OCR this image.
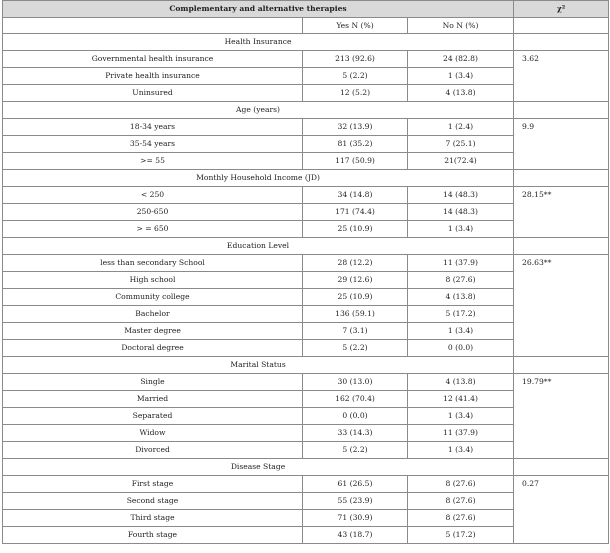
Complementary and alternative therapies			χ²
	Yes N (%)	No N (%)	
Health Insurance			
Governmental health insurance	213 (92.6)	24 (82.8)	3.62

Private health insurance	5 (2.2)	1 (3.4)	
Uninsured	12 (5.2)	4 (13.8)	
Age (years)			
18-34 years	32 (13.9)	1 (2.4)	9.9

35-54 years	81 (35.2)	7 (25.1)	
>= 55	117 (50.9)	21(72.4)	
Monthly Household Income (JD)			
< 250	34 (14.8)	14 (48.3)	28.15**

250-650	171 (74.4)	14 (48.3)	
> = 650	25 (10.9)	1 (3.4)	
Education Level			
less than secondary School	28 (12.2)	11 (37.9)	26.63**

High school	29 (12.6)	8 (27.6)	
Community college	25 (10.9)	4 (13.8)	
Bachelor	136 (59.1)	5 (17.2)	
Master degree	7 (3.1)	1 (3.4)	
Doctoral degree	5 (2.2)	0 (0.0)	
Marital Status			
Single	30 (13.0)	4 (13.8)	19.79**

Married	162 (70.4)	12 (41.4)	
Separated	0 (0.0)	1 (3.4)	
Widow	33 (14.3)	11 (37.9)	
Divorced	5 (2.2)	1 (3.4)	
Disease Stage			
First stage	61 (26.5)	8 (27.6)	0.27

Second stage	55 (23.9)	8 (27.6)	
Third stage	71 (30.9)	8 (27.6)	
Fourth stage	43 (18.7)	5 (17.2)	
